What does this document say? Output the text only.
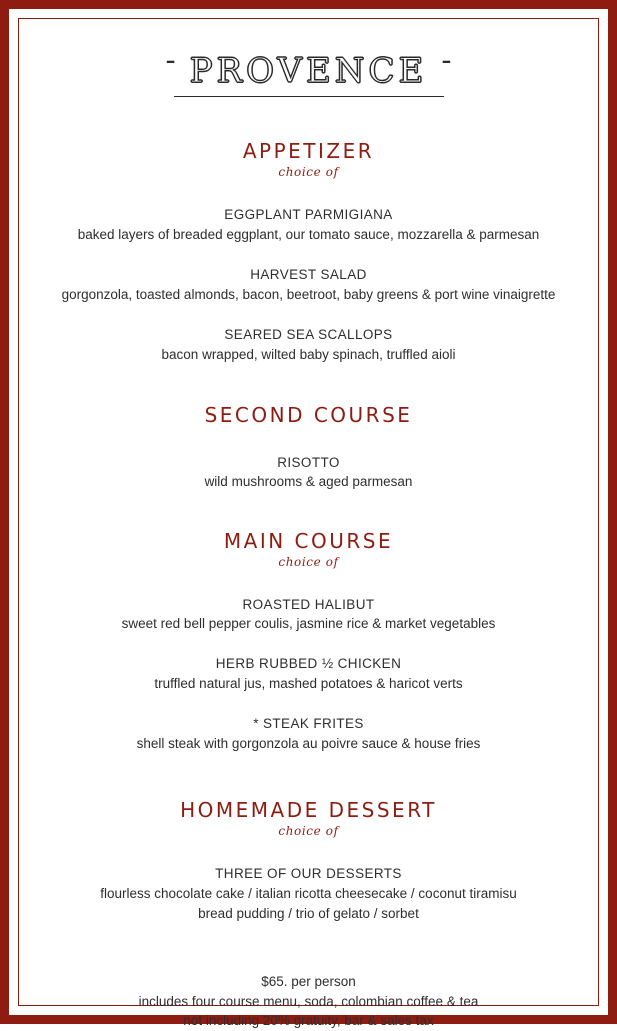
- PROVENCE -
APPETIZER
choice of
EGGPLANT PARMIGIANA
baked layers of breaded eggplant, our tomato sauce, mozzarella & parmesan
HARVEST SALAD
gorgonzola, toasted almonds, bacon, beetroot, baby greens & port wine vinaigrette
SEARED SEA SCALLOPS
bacon wrapped, wilted baby spinach, truffled aioli
SECOND COURSE
RISOTTO
wild mushrooms & aged parmesan
MAIN COURSE
choice of
ROASTED HALIBUT
sweet red bell pepper coulis, jasmine rice & market vegetables
HERB RUBBED ½ CHICKEN
truffled natural jus, mashed potatoes & haricot verts
* STEAK FRITES
shell steak with gorgonzola au poivre sauce & house fries
HOMEMADE DESSERT
choice of
THREE OF OUR DESSERTS
flourless chocolate cake / italian ricotta cheesecake / coconut tiramisu
bread pudding / trio of gelato / sorbet
$65. per person
includes four course menu, soda, colombian coffee & tea
not including 20% gratuity, bar & sales tax
